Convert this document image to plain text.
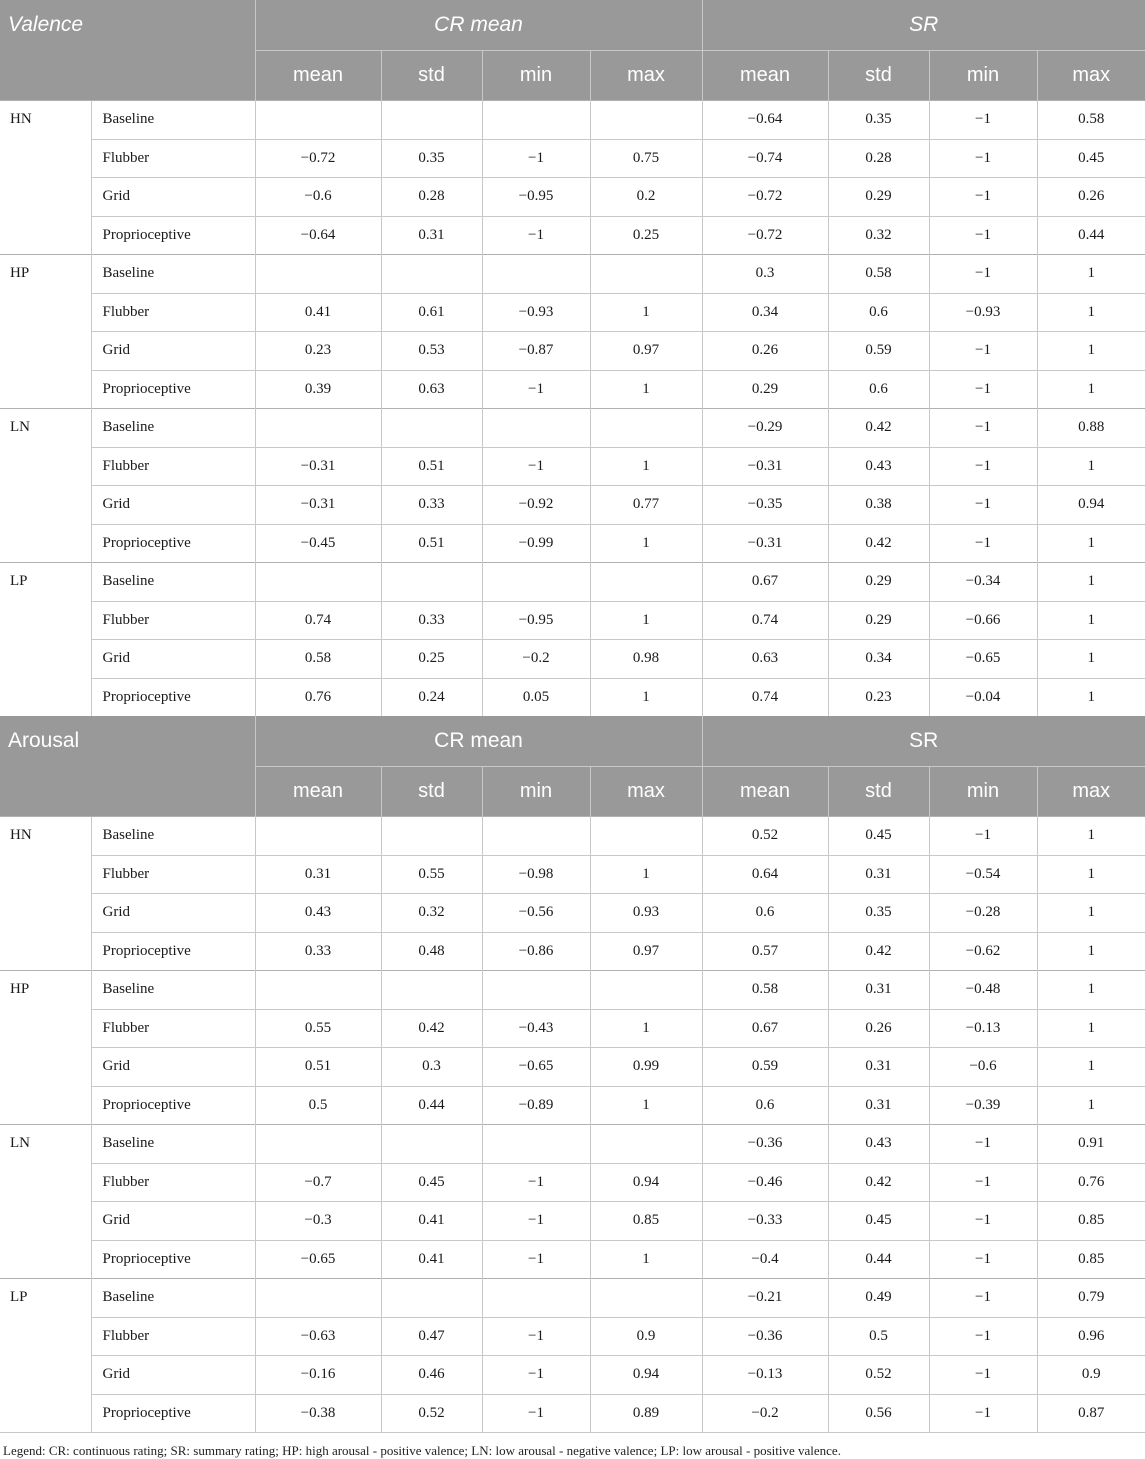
Valence		CR mean				SR			
		mean	std	min	max	mean	std	min	max
HN	Baseline					−0.64	0.35	−1	0.58
	Flubber	−0.72	0.35	−1	0.75	−0.74	0.28	−1	0.45
	Grid	−0.6	0.28	−0.95	0.2	−0.72	0.29	−1	0.26
	Proprioceptive	−0.64	0.31	−1	0.25	−0.72	0.32	−1	0.44
HP	Baseline					0.3	0.58	−1	1
	Flubber	0.41	0.61	−0.93	1	0.34	0.6	−0.93	1
	Grid	0.23	0.53	−0.87	0.97	0.26	0.59	−1	1
	Proprioceptive	0.39	0.63	−1	1	0.29	0.6	−1	1
LN	Baseline					−0.29	0.42	−1	0.88
	Flubber	−0.31	0.51	−1	1	−0.31	0.43	−1	1
	Grid	−0.31	0.33	−0.92	0.77	−0.35	0.38	−1	0.94
	Proprioceptive	−0.45	0.51	−0.99	1	−0.31	0.42	−1	1
LP	Baseline					0.67	0.29	−0.34	1
	Flubber	0.74	0.33	−0.95	1	0.74	0.29	−0.66	1
	Grid	0.58	0.25	−0.2	0.98	0.63	0.34	−0.65	1
	Proprioceptive	0.76	0.24	0.05	1	0.74	0.23	−0.04	1
Arousal		CR mean				SR			
		mean	std	min	max	mean	std	min	max
HN	Baseline					0.52	0.45	−1	1
	Flubber	0.31	0.55	−0.98	1	0.64	0.31	−0.54	1
	Grid	0.43	0.32	−0.56	0.93	0.6	0.35	−0.28	1
	Proprioceptive	0.33	0.48	−0.86	0.97	0.57	0.42	−0.62	1
HP	Baseline					0.58	0.31	−0.48	1
	Flubber	0.55	0.42	−0.43	1	0.67	0.26	−0.13	1
	Grid	0.51	0.3	−0.65	0.99	0.59	0.31	−0.6	1
	Proprioceptive	0.5	0.44	−0.89	1	0.6	0.31	−0.39	1
LN	Baseline					−0.36	0.43	−1	0.91
	Flubber	−0.7	0.45	−1	0.94	−0.46	0.42	−1	0.76
	Grid	−0.3	0.41	−1	0.85	−0.33	0.45	−1	0.85
	Proprioceptive	−0.65	0.41	−1	1	−0.4	0.44	−1	0.85
LP	Baseline					−0.21	0.49	−1	0.79
	Flubber	−0.63	0.47	−1	0.9	−0.36	0.5	−1	0.96
	Grid	−0.16	0.46	−1	0.94	−0.13	0.52	−1	0.9
	Proprioceptive	−0.38	0.52	−1	0.89	−0.2	0.56	−1	0.87
Legend: CR: continuous rating; SR: summary rating; HP: high arousal - positive valence; LN: low arousal - negative valence; LP: low arousal - positive valence.
